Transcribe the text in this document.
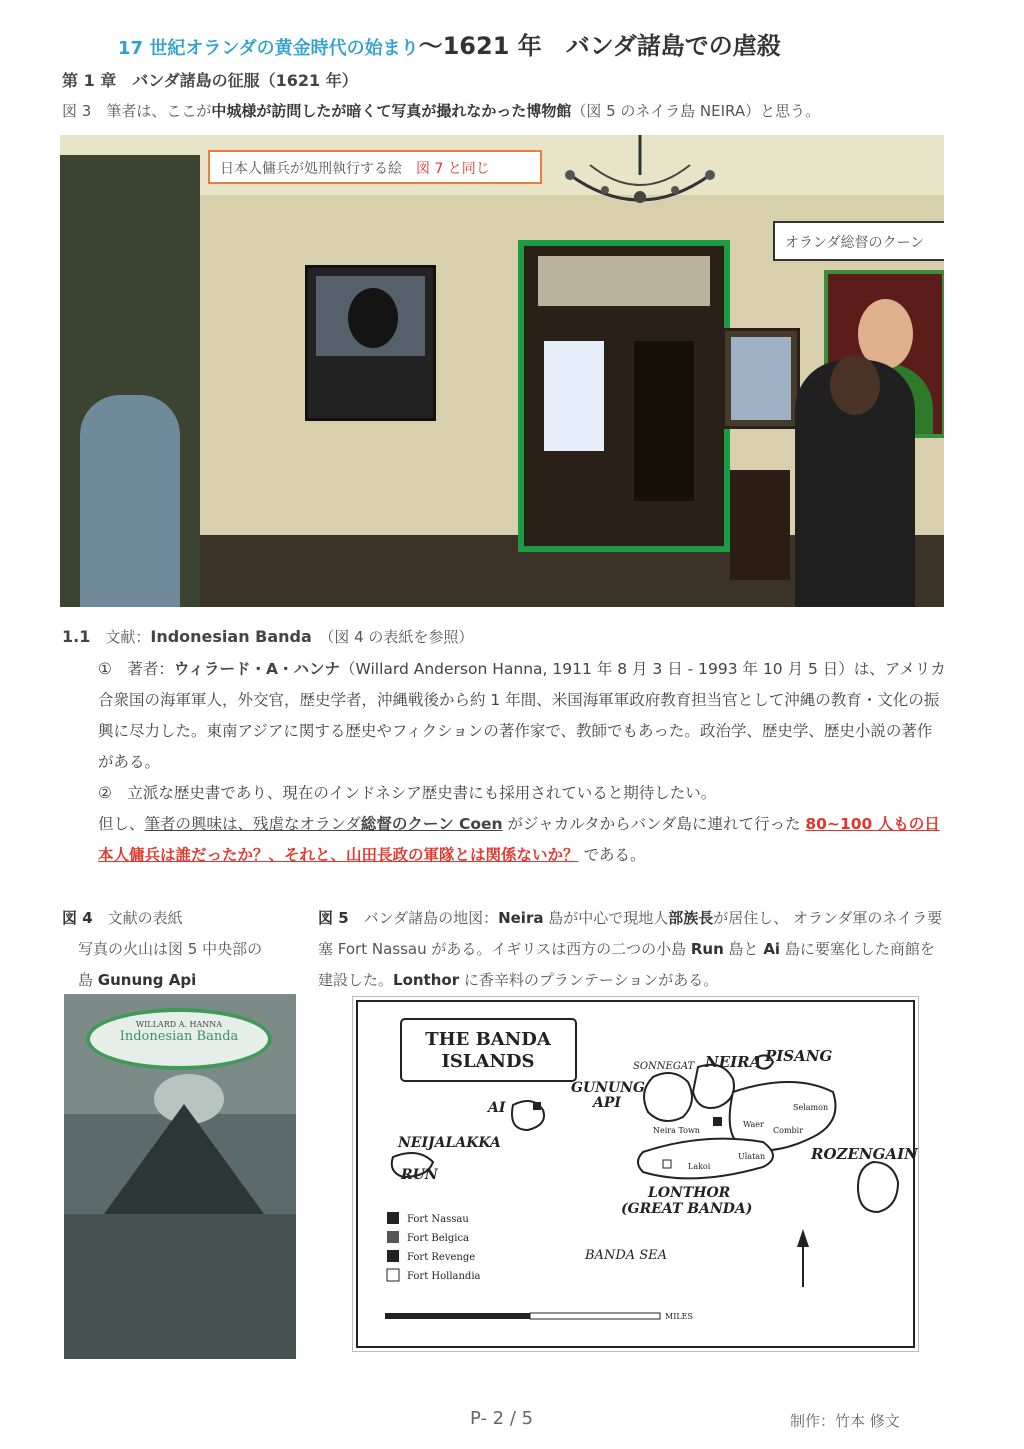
17 世紀オランダの黄金時代の始まり～1621 年　バンダ諸島での虐殺
第 1 章　バンダ諸島の征服（1621 年）
図 3　筆者は、ここが中城様が訪問したが暗くて写真が撮れなかった博物館（図 5 のネイラ島 NEIRA）と思う。
日本人傭兵が処刑執行する絵　図 7 と同じ
オランダ総督のクーン
1.1　文献：Indonesian Banda　（図 4 の表紙を参照）
①　著者：ウィラード・A・ハンナ（Willard Anderson Hanna, 1911 年 8 月 3 日 - 1993 年 10 月 5 日）は、アメリカ合衆国の海軍軍人，外交官，歴史学者，沖縄戦後から約 1 年間、米国海軍軍政府教育担当官として沖縄の教育・文化の振興に尽力した。東南アジアに関する歴史やフィクションの著作家で、教師でもあった。政治学、歴史学、歴史小説の著作がある。
②　立派な歴史書であり、現在のインドネシア歴史書にも採用されていると期待したい。
但し、筆者の興味は、残虐なオランダ総督のクーン Coen がジャカルタからバンダ島に連れて行った 80~100 人もの日本人傭兵は誰だったか？、それと、山田長政の軍隊とは関係ないか？ である。
図 4　文献の表紙
写真の火山は図 5 中央部の
島 Gunung Api
図 5　バンダ諸島の地図：Neira 島が中心で現地人部族長が居住し、 オランダ軍のネイラ要塞 Fort Nassau がある。イギリスは西方の二つの小島 Run 島と Ai 島に要塞化した商館を建設した。Lonthor に香辛料のプランテーションがある。
WILLARD A. HANNA
Indonesian Banda	THE BANDA
ISLANDS	SONNEGAT NEIRA PISANG
GUNUNG
API
AI
NEIJALAKKA
RUN
ROZENGAIN
LONTHOR
(GREAT BANDA)
BANDA SEA
Neira Town	Combir
Selamon
Lakoi
Waer
Ulatan
Fort Nassau
Fort Belgica
Fort Revenge
Fort Hollandia
MILES
P- 2 / 5	制作：竹本 修文
